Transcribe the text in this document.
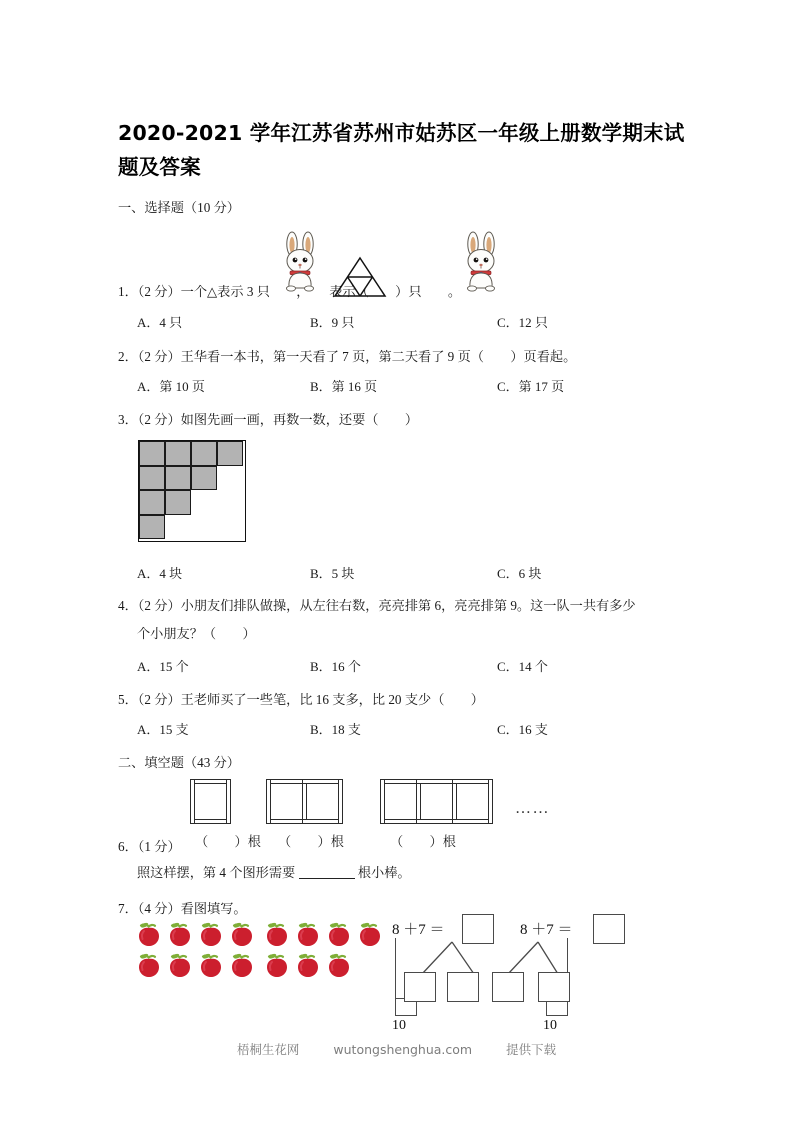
2020-2021 学年江苏省苏州市姑苏区一年级上册数学期末试题及答案
一、选择题（10 分）
1．（2 分）一个△表示 3 只　　，　　表示（　　）只　　。
A．4 只	B．9 只	C．12 只
2．（2 分）王华看一本书，第一天看了 7 页，第二天看了 9 页（　　）页看起。
A．第 10 页	B．第 16 页	C．第 17 页
3．（2 分）如图先画一画，再数一数，还要（　　）
A．4 块	B．5 块	C．6 块
4．（2 分）小朋友们排队做操，从左往右数，亮亮排第 6，亮亮排第 9。这一队一共有多少
个小朋友？（　　）
A．15 个	B．16 个	C．14 个
5．（2 分）王老师买了一些笔，比 16 支多，比 20 支少（　　）
A．15 支	B．18 支	C．16 支
二、填空题（43 分）
……
6．（1 分） （　　）根 （　　）根	（　　）根
照这样摆，第 4 个图形需要	根小棒。
7．（4 分）看图填写。
8 ＋7 ＝
10
8 ＋7 ＝
10
梧桐生花网	wutongshenghua.com	提供下载
